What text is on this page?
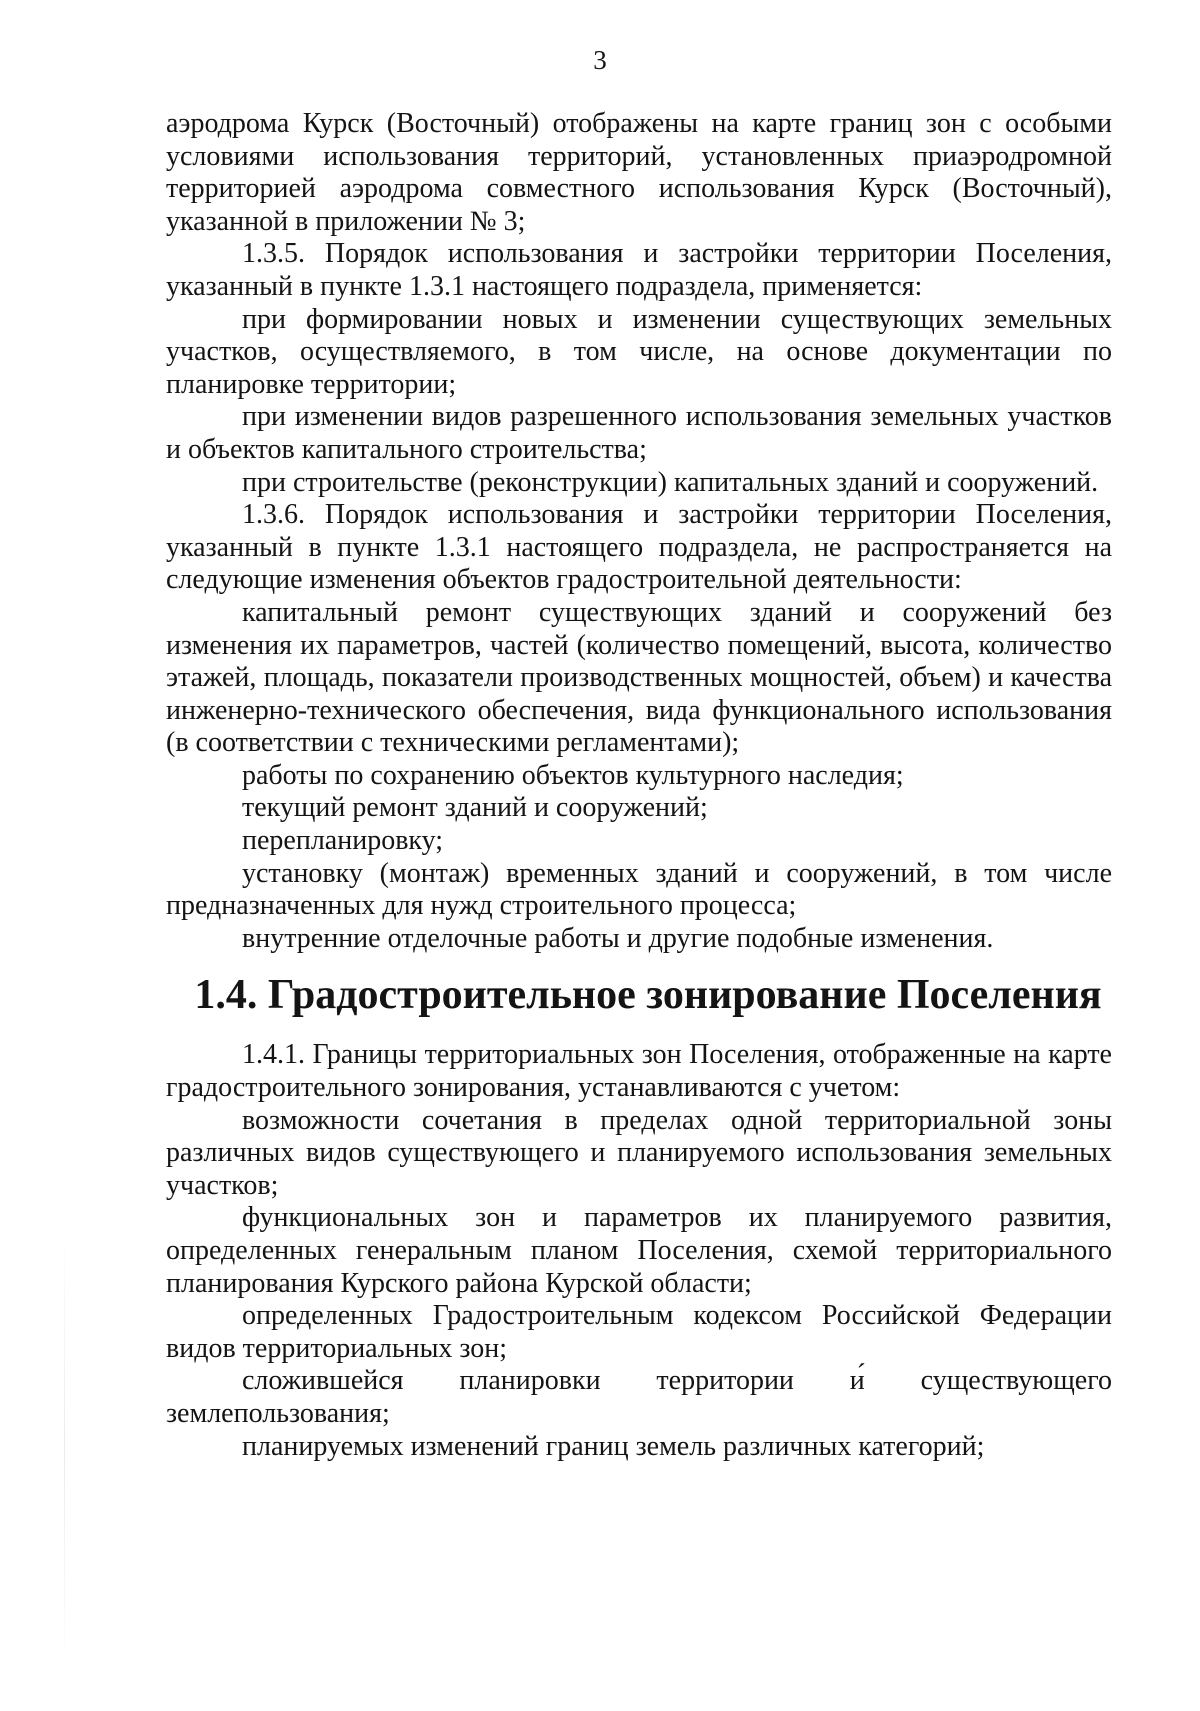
3

аэродрома Курск (Восточный) отображены на карте границ зон с особыми условиями использования территорий, установленных приаэродромной территорией аэродрома совместного использования Курск (Восточный), указанной в приложении № 3;

1.3.5. Порядок использования и застройки территории Поселения, указанный в пункте 1.3.1 настоящего подраздела, применяется:

при формировании новых и изменении существующих земельных участков, осуществляемого, в том числе, на основе документации по планировке территории;

при изменении видов разрешенного использования земельных участков и объектов капитального строительства;

при строительстве (реконструкции) капитальных зданий и сооружений.

1.3.6. Порядок использования и застройки территории Поселения, указанный в пункте 1.3.1 настоящего подраздела, не распространяется на следующие изменения объектов градостроительной деятельности:

капитальный ремонт существующих зданий и сооружений без изменения их параметров, частей (количество помещений, высота, количество этажей, площадь, показатели производственных мощностей, объем) и качества инженерно-технического обеспечения, вида функционального использования (в соответствии с техническими регламентами);

работы по сохранению объектов культурного наследия;

текущий ремонт зданий и сооружений;

перепланировку;

установку (монтаж) временных зданий и сооружений, в том числе предназначенных для нужд строительного процесса;

внутренние отделочные работы и другие подобные изменения.

1.4. Градостроительное зонирование Поселения

1.4.1. Границы территориальных зон Поселения, отображенные на карте градостроительного зонирования, устанавливаются с учетом:

возможности сочетания в пределах одной территориальной зоны различных видов существующего и планируемого использования земельных участков;

функциональных зон и параметров их планируемого развития, определенных генеральным планом Поселения, схемой территориального планирования Курского района Курской области;

определенных Градостроительным кодексом Российской Федерации видов территориальных зон;

сложившейся планировки территории и́ существующего землепользования;

планируемых изменений границ земель различных категорий;
